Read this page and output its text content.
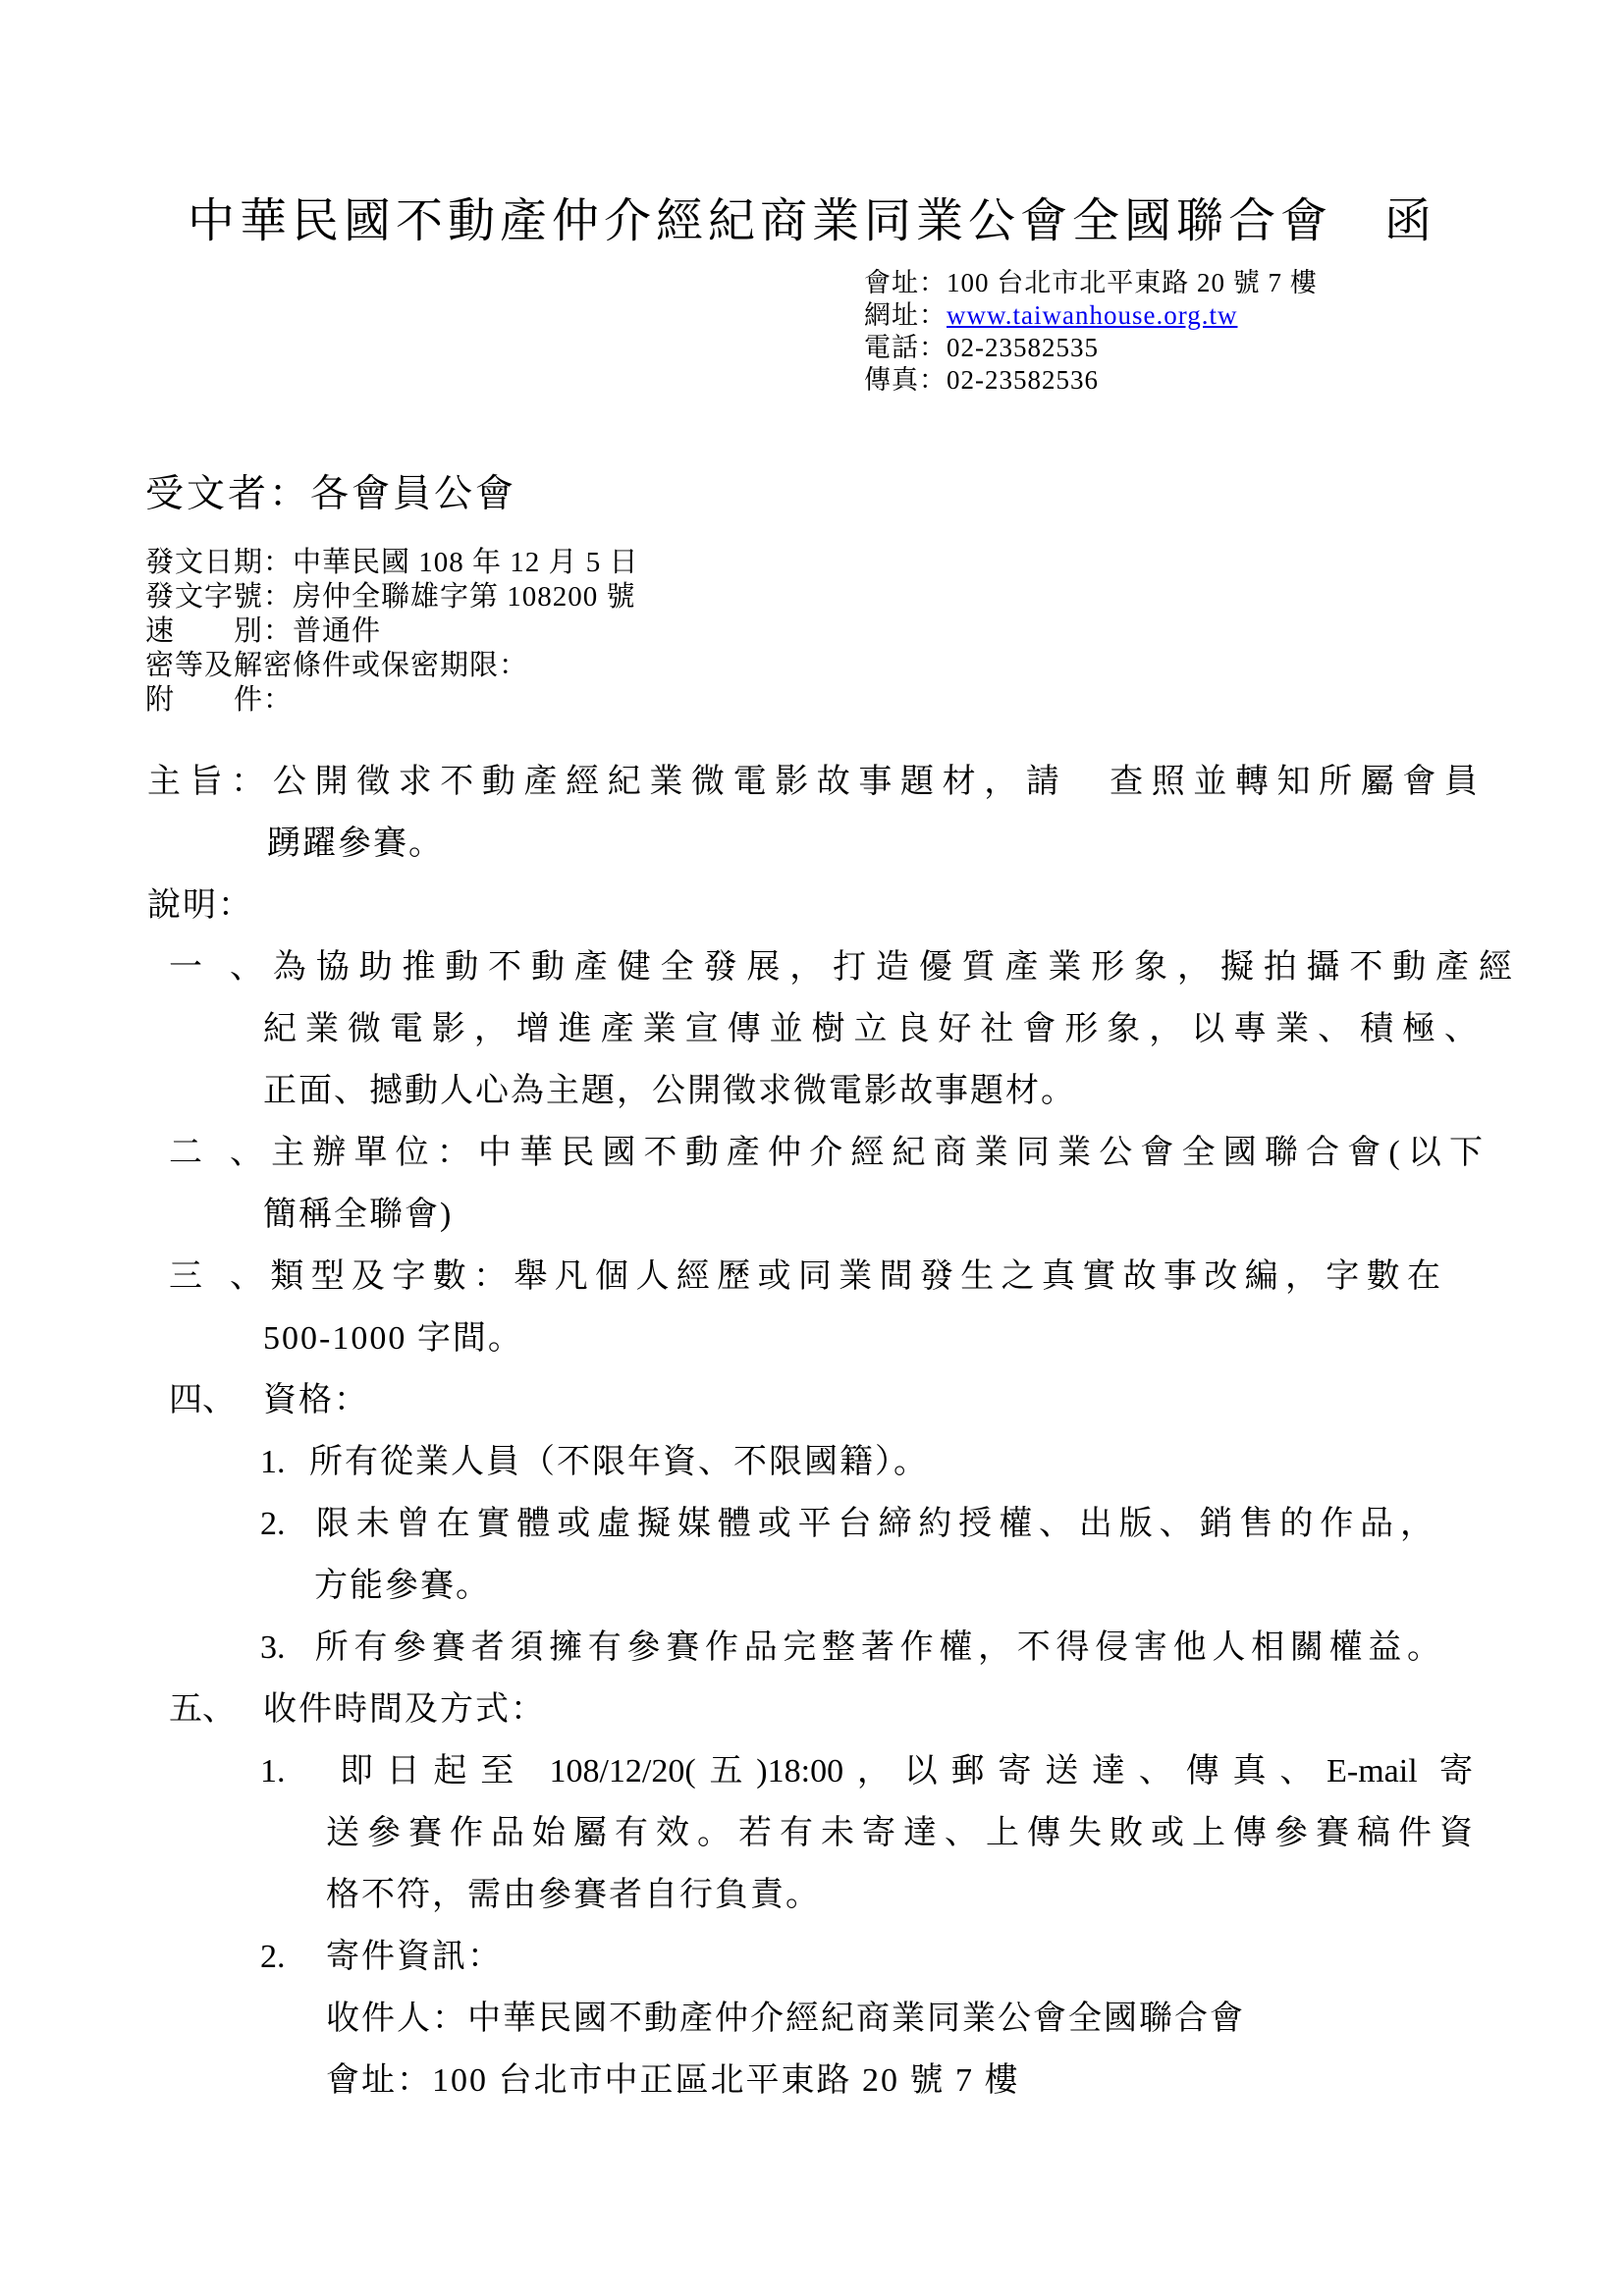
中華民國不動產仲介經紀商業同業公會全國聯合會　函
會址：100 台北市北平東路 20 號 7 樓
網址：www.taiwanhouse.org.tw
電話：02-23582535
傳真：02-23582536
受文者：各會員公會
發文日期：中華民國 108 年 12 月 5 日
發文字號：房仲全聯雄字第 108200 號
速　　別：普通件
密等及解密條件或保密期限：
附　　件：
主旨：公開徵求不動產經紀業微電影故事題材，請　查照並轉知所屬會員
踴躍參賽。
說明：
一、為協助推動不動產健全發展，打造優質產業形象，擬拍攝不動產經
紀業微電影，增進產業宣傳並樹立良好社會形象，以專業、積極、
正面、撼動人心為主題，公開徵求微電影故事題材。
二、主辦單位：中華民國不動產仲介經紀商業同業公會全國聯合會(以下
簡稱全聯會)
三、類型及字數：舉凡個人經歷或同業間發生之真實故事改編，字數在
500-1000 字間。
四、 資格：
1. 所有從業人員（不限年資、不限國籍）。
2. 限未曾在實體或虛擬媒體或平台締約授權、出版、銷售的作品，
方能參賽。
3. 所有參賽者須擁有參賽作品完整著作權，不得侵害他人相關權益。
五、 收件時間及方式：
1. 即日起至 108/12/20(五)18:00，以郵寄送達、傳真、E-mail 寄
送參賽作品始屬有效。若有未寄達、上傳失敗或上傳參賽稿件資
格不符，需由參賽者自行負責。
2. 寄件資訊：
收件人：中華民國不動產仲介經紀商業同業公會全國聯合會
會址：100 台北市中正區北平東路 20 號 7 樓
